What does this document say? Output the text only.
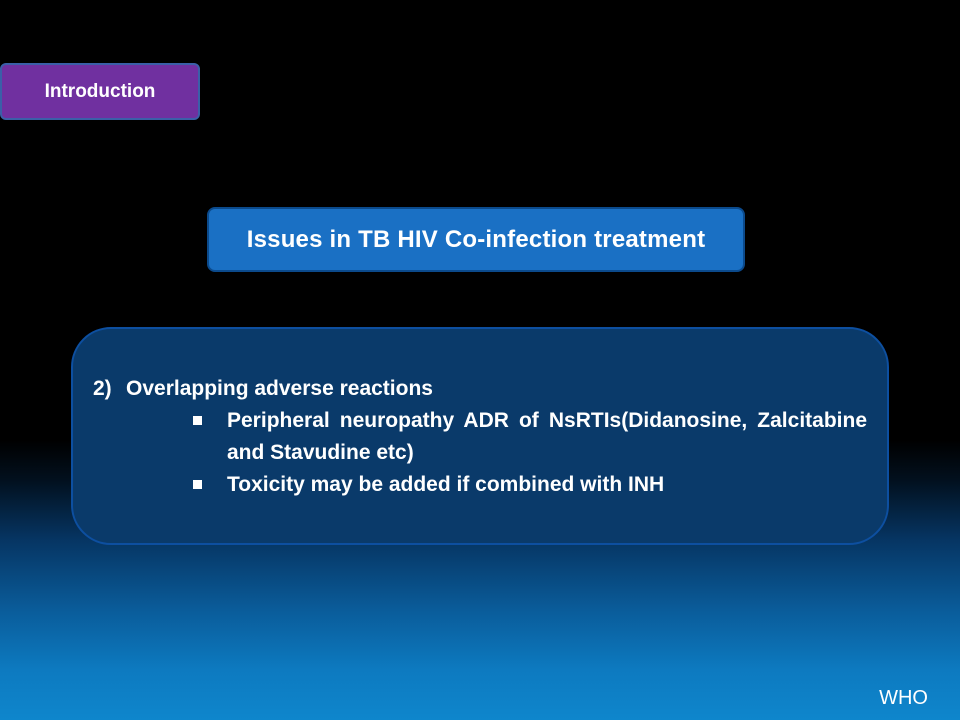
Introduction
Issues in TB HIV Co-infection treatment
2) Overlapping adverse reactions
Peripheral neuropathy ADR of NsRTIs(Didanosine, Zalcitabine and Stavudine etc)
Toxicity may be added if combined with INH
WHO
